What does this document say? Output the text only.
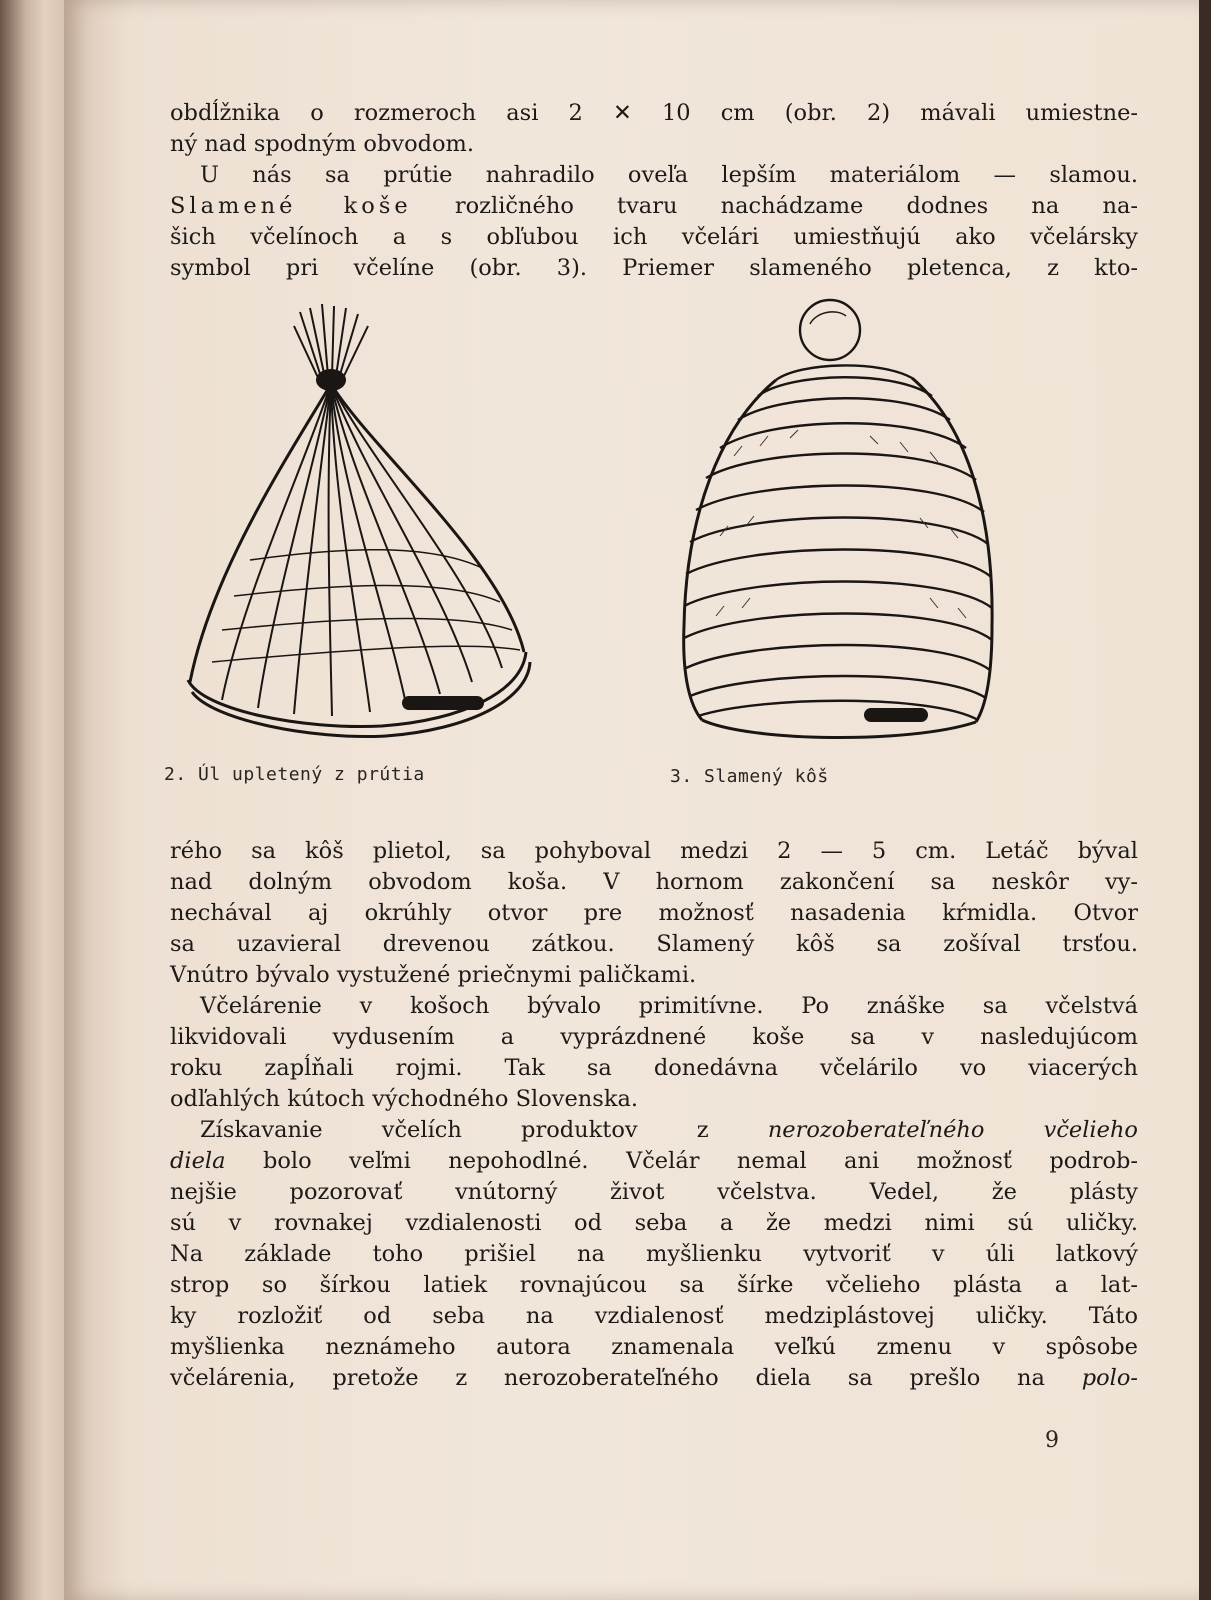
obdĺžnika o rozmeroch asi 2 ✕ 10 cm (obr. 2) mávali umiestne-
ný nad spodným obvodom.
U nás sa prútie nahradilo oveľa lepším materiálom — slamou.
Slamené koše rozličného tvaru nachádzame dodnes na na-
šich včelínoch a s obľubou ich včelári umiestňujú ako včelársky
symbol pri včelíne (obr. 3). Priemer slameného pletenca, z kto-
2. Úl upletený z prútia	3. Slamený kôš
rého sa kôš plietol, sa pohyboval medzi 2 — 5 cm. Letáč býval
nad dolným obvodom koša. V hornom zakončení sa neskôr vy-
nechával aj okrúhly otvor pre možnosť nasadenia kŕmidla. Otvor
sa uzavieral drevenou zátkou. Slamený kôš sa zošíval trsťou.
Vnútro bývalo vystužené priečnymi paličkami.
Včelárenie v košoch bývalo primitívne. Po znáške sa včelstvá
likvidovali vydusením a vyprázdnené koše sa v nasledujúcom
roku zapĺňali rojmi. Tak sa donedávna včelárilo vo viacerých
odľahlých kútoch východného Slovenska.
Získavanie včelích produktov z nerozoberateľného včelieho
diela bolo veľmi nepohodlné. Včelár nemal ani možnosť podrob-
nejšie pozorovať vnútorný život včelstva. Vedel, že plásty
sú v rovnakej vzdialenosti od seba a že medzi nimi sú uličky.
Na základe toho prišiel na myšlienku vytvoriť v úli latkový
strop so šírkou latiek rovnajúcou sa šírke včelieho plásta a lat-
ky rozložiť od seba na vzdialenosť medziplástovej uličky. Táto
myšlienka neznámeho autora znamenala veľkú zmenu v spôsobe
včelárenia, pretože z nerozoberateľného diela sa prešlo na polo-
9
